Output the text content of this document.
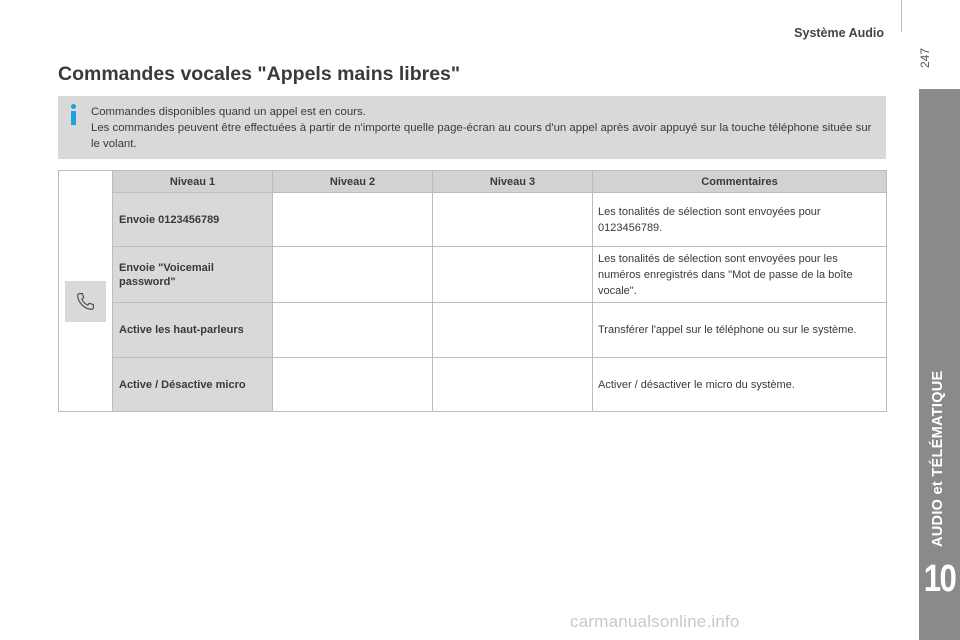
Système Audio
247
AUDIO et TÉLÉMATIQUE
10
Commandes vocales "Appels mains libres"
Commandes disponibles quand un appel est en cours.
Les commandes peuvent être effectuées à partir de n'importe quelle page-écran au cours d'un appel après avoir appuyé sur la touche téléphone située sur le volant.
	Niveau 1	Niveau 2	Niveau 3	Commentaires
	Envoie 0123456789			Les tonalités de sélection sont envoyées pour 0123456789.
	Envoie "Voicemail password"			Les tonalités de sélection sont envoyées pour les numéros enregistrés dans "Mot de passe de la boîte vocale".
	Active les haut-parleurs			Transférer l'appel sur le téléphone ou sur le système.
	Active / Désactive micro			Activer / désactiver le micro du système.
carmanualsonline.info
